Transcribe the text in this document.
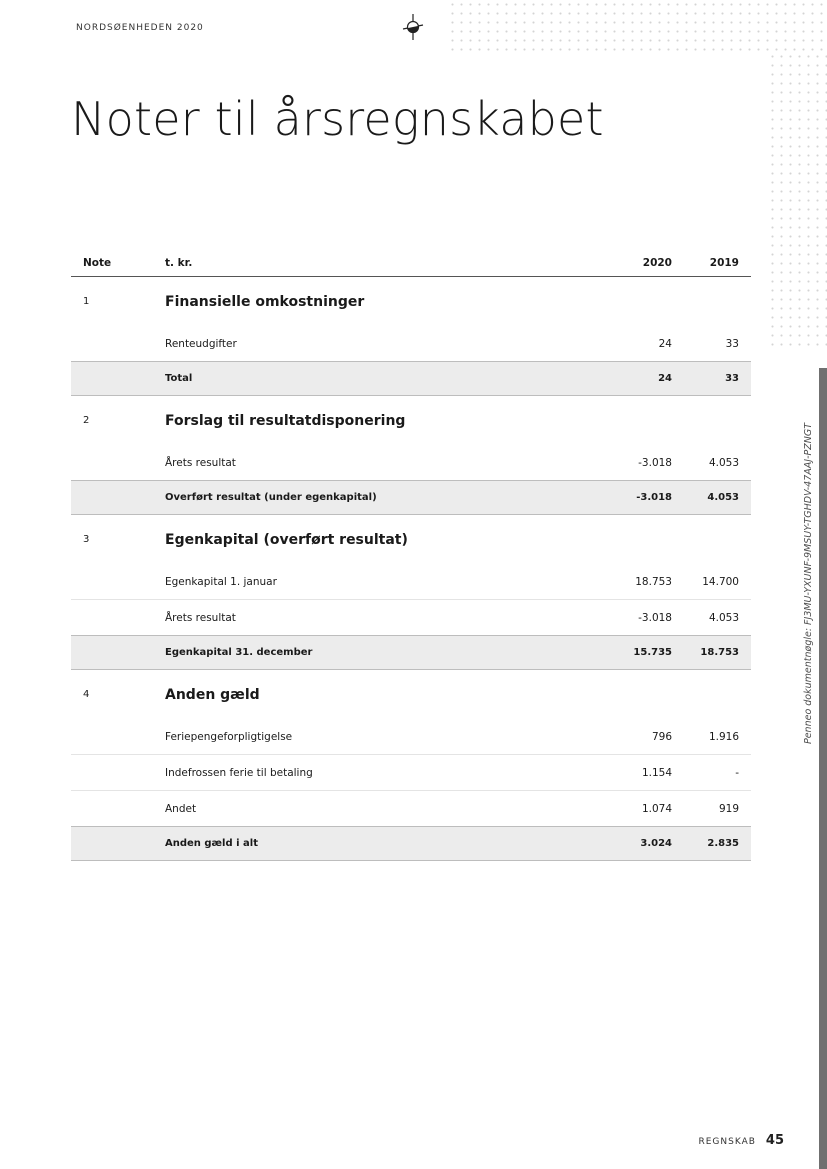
NORDSØENHEDEN 2020
Noter til årsregnskabet
Note	t. kr.	2020	2019
1	Finansielle omkostninger
Renteudgifter	24	33
Total	24	33
2	Forslag til resultatdisponering
Årets resultat	-3.018	4.053
Overført resultat (under egenkapital)	-3.018	4.053
3	Egenkapital (overført resultat)
Egenkapital 1. januar	18.753	14.700
Årets resultat	-3.018	4.053
Egenkapital 31. december	15.735	18.753
4	Anden gæld
Feriepengeforpligtigelse	796	1.916
Indefrossen ferie til betaling	1.154	-
Andet	1.074	919
Anden gæld i alt	3.024	2.835
Penneo dokumentnøgle: FJ3MU-YXUNF-9MSUY-TGHDV-47AAJ-PZNGT
REGNSKAB 45
